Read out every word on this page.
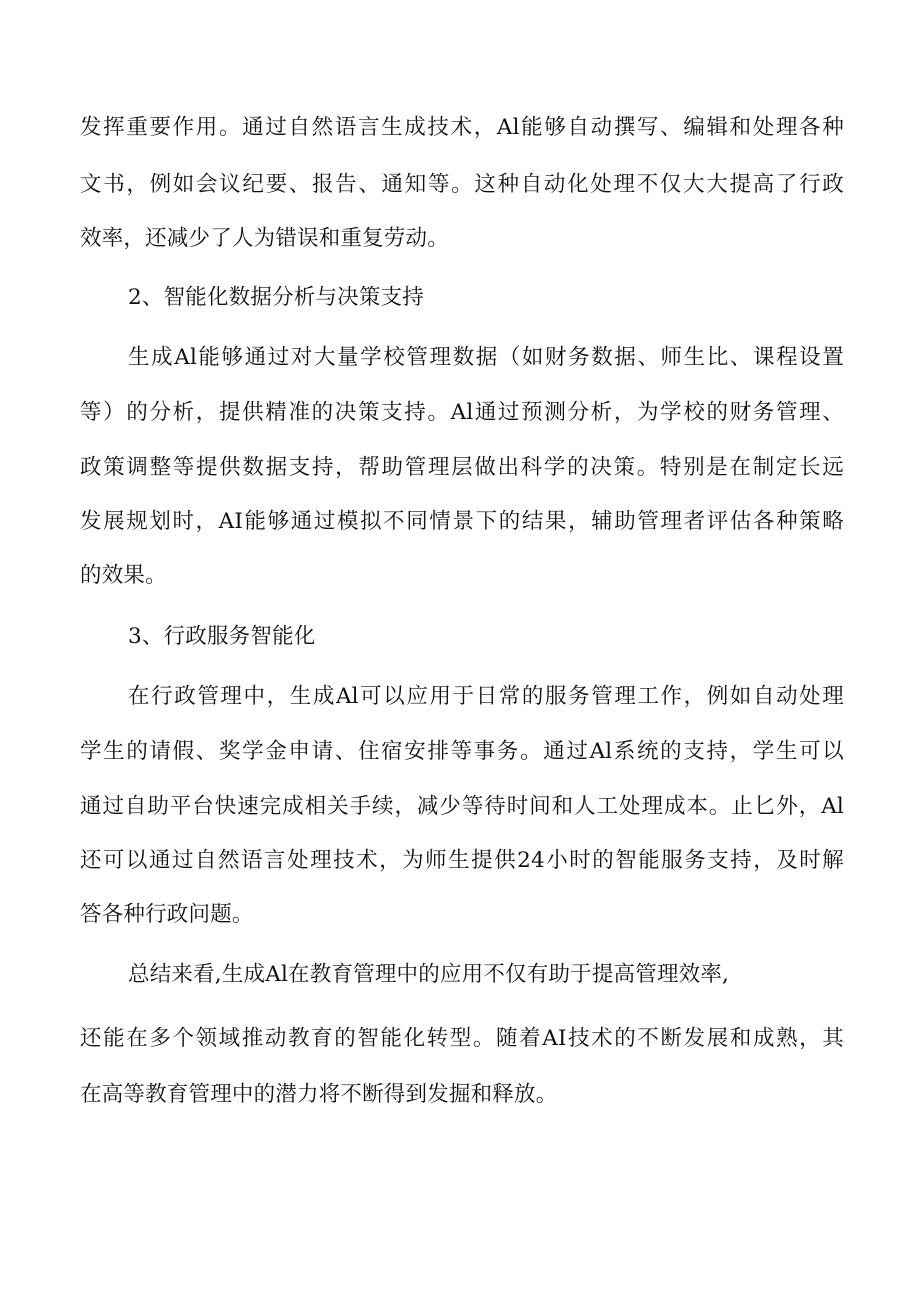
发挥重要作用。通过自然语言生成技术，Al能够自动撰写、编辑和处理各种
文书，例如会议纪要、报告、通知等。这种自动化处理不仅大大提高了行政
效率，还减少了人为错误和重复劳动。
2、智能化数据分析与决策支持
生成Al能够通过对大量学校管理数据（如财务数据、师生比、课程设置
等）的分析，提供精准的决策支持。Al通过预测分析，为学校的财务管理、
政策调整等提供数据支持，帮助管理层做出科学的决策。特别是在制定长远
发展规划时，AI能够通过模拟不同情景下的结果，辅助管理者评估各种策略
的效果。
3、行政服务智能化
在行政管理中，生成Al可以应用于日常的服务管理工作，例如自动处理
学生的请假、奖学金申请、住宿安排等事务。通过Al系统的支持，学生可以
通过自助平台快速完成相关手续，减少等待时间和人工处理成本。止匕外，Al
还可以通过自然语言处理技术，为师生提供24小时的智能服务支持，及时解
答各种行政问题。
总结来看,生成Al在教育管理中的应用不仅有助于提高管理效率,
还能在多个领域推动教育的智能化转型。随着AI技术的不断发展和成熟，其
在高等教育管理中的潜力将不断得到发掘和释放。
